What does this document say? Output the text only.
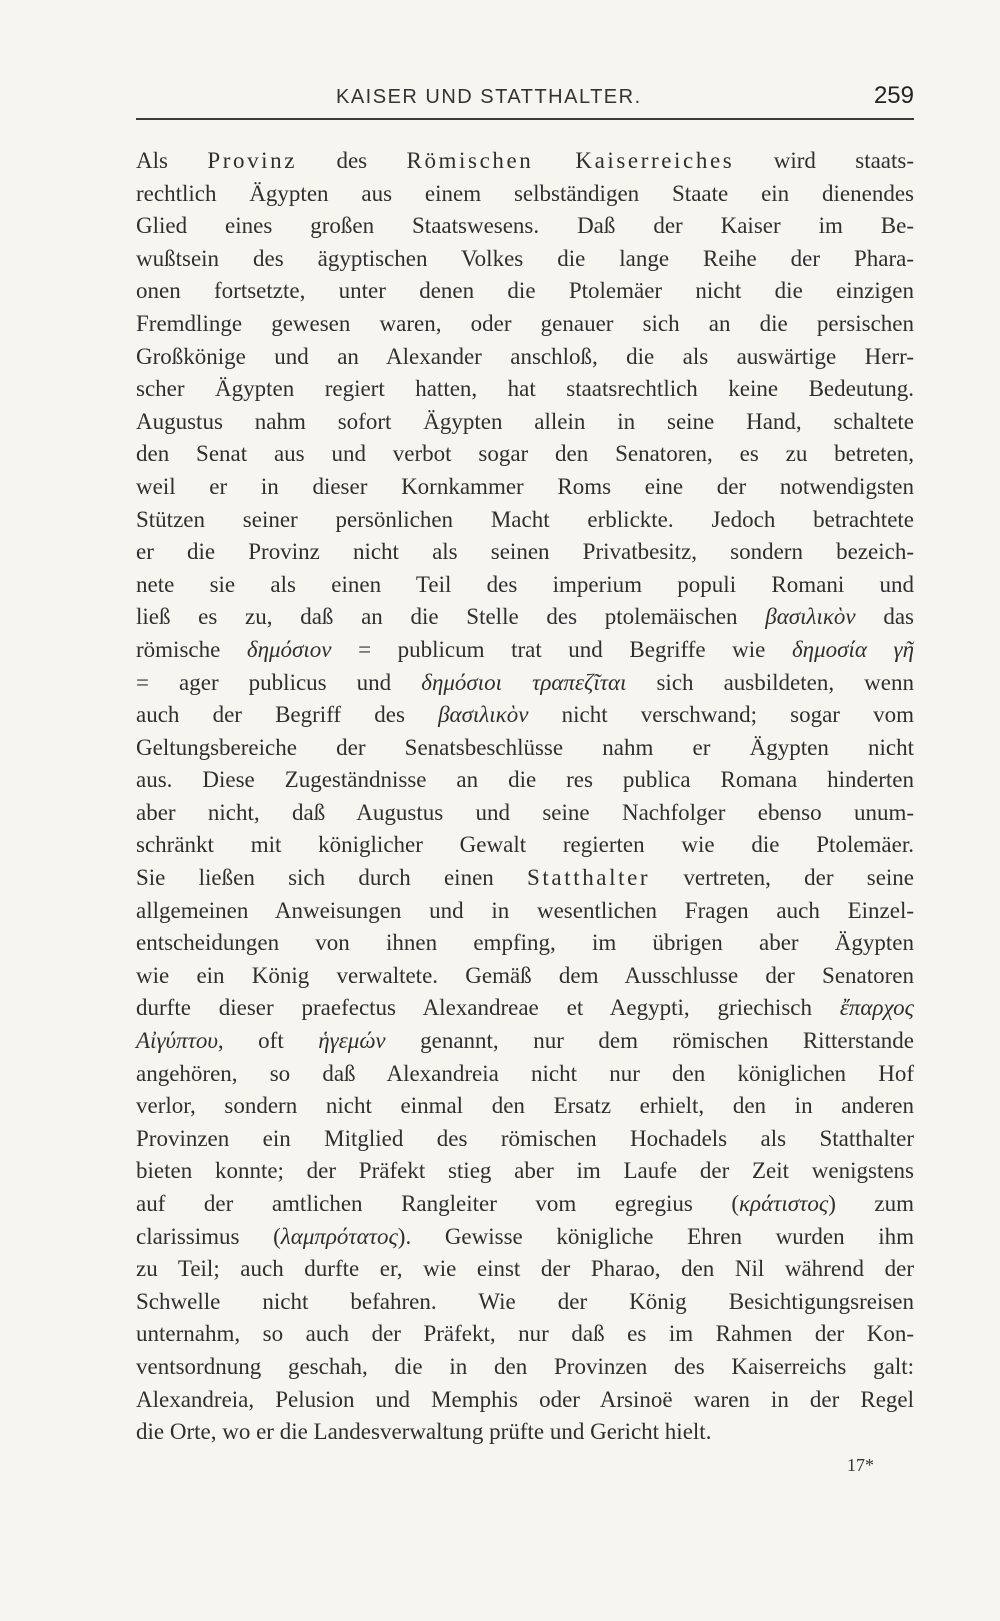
KAISER UND STATTHALTER.	259
Als Provinz des Römischen Kaiserreiches wird staats-
rechtlich Ägypten aus einem selbständigen Staate ein dienendes
Glied eines großen Staatswesens. Daß der Kaiser im Be-
wußtsein des ägyptischen Volkes die lange Reihe der Phara-
onen fortsetzte, unter denen die Ptolemäer nicht die einzigen
Fremdlinge gewesen waren, oder genauer sich an die persischen
Großkönige und an Alexander anschloß, die als auswärtige Herr-
scher Ägypten regiert hatten, hat staatsrechtlich keine Bedeutung.
Augustus nahm sofort Ägypten allein in seine Hand, schaltete
den Senat aus und verbot sogar den Senatoren, es zu betreten,
weil er in dieser Kornkammer Roms eine der notwendigsten
Stützen seiner persönlichen Macht erblickte. Jedoch betrachtete
er die Provinz nicht als seinen Privatbesitz, sondern bezeich-
nete sie als einen Teil des imperium populi Romani und
ließ es zu, daß an die Stelle des ptolemäischen βασιλικὸν das
römische δημόσιον = publicum trat und Begriffe wie δημοσία γῆ
= ager publicus und δημόσιοι τραπεζῖται sich ausbildeten, wenn
auch der Begriff des βασιλικὸν nicht verschwand; sogar vom
Geltungsbereiche der Senatsbeschlüsse nahm er Ägypten nicht
aus. Diese Zugeständnisse an die res publica Romana hinderten
aber nicht, daß Augustus und seine Nachfolger ebenso unum-
schränkt mit königlicher Gewalt regierten wie die Ptolemäer.
Sie ließen sich durch einen Statthalter vertreten, der seine
allgemeinen Anweisungen und in wesentlichen Fragen auch Einzel-
entscheidungen von ihnen empfing, im übrigen aber Ägypten
wie ein König verwaltete. Gemäß dem Ausschlusse der Senatoren
durfte dieser praefectus Alexandreae et Aegypti, griechisch ἔπαρχος
Αἰγύπτου, oft ἡγεμών genannt, nur dem römischen Ritterstande
angehören, so daß Alexandreia nicht nur den königlichen Hof
verlor, sondern nicht einmal den Ersatz erhielt, den in anderen
Provinzen ein Mitglied des römischen Hochadels als Statthalter
bieten konnte; der Präfekt stieg aber im Laufe der Zeit wenigstens
auf der amtlichen Rangleiter vom egregius (κράτιστος) zum
clarissimus (λαμπρότατος). Gewisse königliche Ehren wurden ihm
zu Teil; auch durfte er, wie einst der Pharao, den Nil während der
Schwelle nicht befahren. Wie der König Besichtigungsreisen
unternahm, so auch der Präfekt, nur daß es im Rahmen der Kon-
ventsordnung geschah, die in den Provinzen des Kaiserreichs galt:
Alexandreia, Pelusion und Memphis oder Arsinoë waren in der Regel
die Orte, wo er die Landesverwaltung prüfte und Gericht hielt.
17*
